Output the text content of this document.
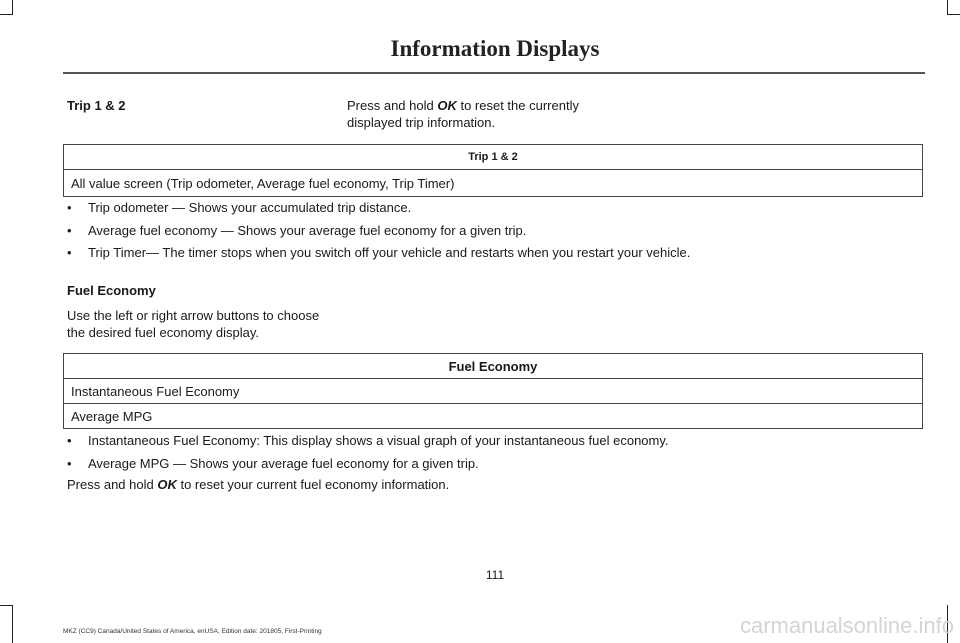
Information Displays
Trip 1 & 2	Press and hold OK to reset the currently
displayed trip information.
Trip 1 & 2
All value screen (Trip odometer, Average fuel economy, Trip Timer)
• Trip odometer — Shows your accumulated trip distance.
• Average fuel economy — Shows your average fuel economy for a given trip.
• Trip Timer— The timer stops when you switch off your vehicle and restarts when you restart your vehicle.
Fuel Economy
Use the left or right arrow buttons to choose
the desired fuel economy display.
Fuel Economy
Instantaneous Fuel Economy
Average MPG
• Instantaneous Fuel Economy: This display shows a visual graph of your instantaneous fuel economy.
• Average MPG — Shows your average fuel economy for a given trip.
Press and hold OK to reset your current fuel economy information.
111
MKZ (CC9) Canada/United States of America, enUSA, Edition date: 201805, First-Printing	carmanualsonline.info
